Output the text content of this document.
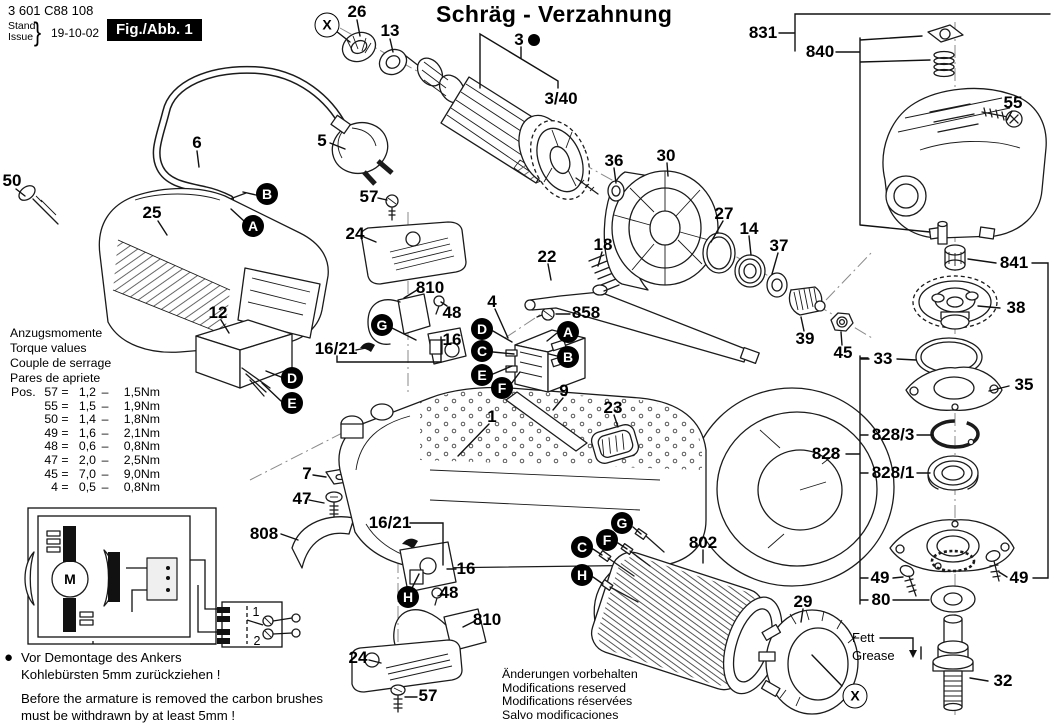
3 601 C88 108
Stand
Issue } 19-10-02	Fig./Abb. 1
Schräg - Verzahnung
Anzugsmomente
Torque values
Couple de serrage
Pares de apriete
Pos. 57 = 1,2 –	1,5Nm
55 = 1,5 –	1,9Nm
50 = 1,4 –	1,8Nm
49 = 1,6 –	2,1Nm
48 = 0,6 –	0,8Nm
47 = 2,0 –	2,5Nm
45 = 7,0 –	9,0Nm
4 = 0,5 –	0,8Nm
● Vor Demontage des Ankers
Kohlebürsten 5mm zurückziehen !
Before the armature is removed the carbon brushes
must be withdrawn by at least 5mm !
Änderungen vorbehalten
Modifications reserved
Modifications réservées
Salvo modificaciones
Fett
Grease
M
1
2
26
13	3
3/40
5
6
50
25
57
24
810
48
16/21	16
12
4
858
22
18
36 30
27
14
37
39
45
9
23
1
7
47
808
16/21
16
48
810
24
57
802
29
831
840
55
841
38
33
35
828/3
828/1
828
49	49
80
32
B
A
D
E
G	D
C
E
F
A
B
H
G
F
C
H
X
X
